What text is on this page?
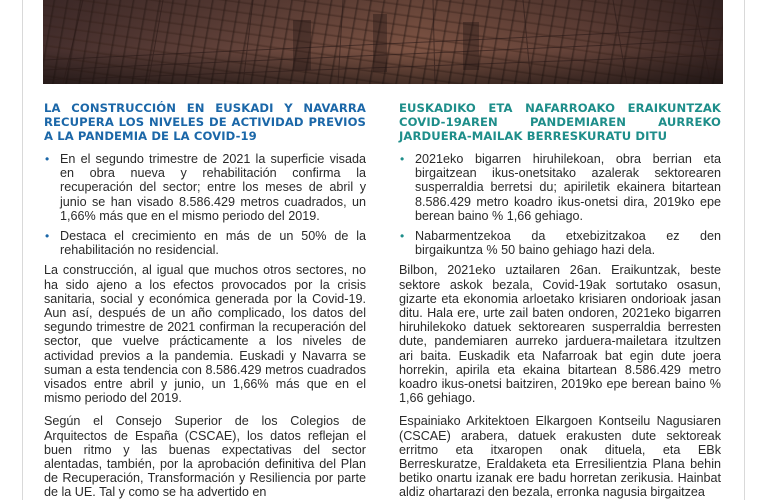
LA CONSTRUCCIÓN EN EUSKADI Y NAVARRA RECUPERA LOS NIVELES DE ACTIVIDAD PREVIOS A LA PANDEMIA DE LA COVID-19
• En el segundo trimestre de 2021 la superficie visada en obra nueva y rehabilitación confirma la recuperación del sector; entre los meses de abril y junio se han visado 8.586.429 metros cuadrados, un 1,66% más que en el mismo periodo del 2019.
• Destaca el crecimiento en más de un 50% de la rehabilitación no residencial.

La construcción, al igual que muchos otros sectores, no ha sido ajeno a los efectos provocados por la crisis sanitaria, social y económica generada por la Covid-19. Aun así, después de un año complicado, los datos del segundo trimestre de 2021 confirman la recuperación del sector, que vuelve prácticamente a los niveles de actividad previos a la pandemia. Euskadi y Navarra se suman a esta tendencia con 8.586.429 metros cuadrados visados entre abril y junio, un 1,66% más que en el mismo periodo del 2019.

Según el Consejo Superior de los Colegios de Arquitectos de España (CSCAE), los datos reflejan el buen ritmo y las buenas expectativas del sector alentadas, también, por la aprobación definitiva del Plan de Recuperación, Transformación y Resiliencia por parte de la UE. Tal y como se ha advertido en

EUSKADIKO ETA NAFARROAKO ERAIKUNTZAK COVID-19AREN PANDEMIAREN AURREKO JARDUERA-MAILAK BERRESKURATU DITU
• 2021eko bigarren hiruhilekoan, obra berrian eta birgaitzean ikus-onetsitako azalerak sektorearen susperraldia berretsi du; apiriletik ekainera bitartean 8.586.429 metro koadro ikus-onetsi dira, 2019ko epe berean baino % 1,66 gehiago.
• Nabarmentzekoa da etxebizitzakoa ez den birgaikuntza % 50 baino gehiago hazi dela.

Bilbon, 2021eko uztailaren 26an. Eraikuntzak, beste sektore askok bezala, Covid-19ak sortutako osasun, gizarte eta ekonomia arloetako krisiaren ondorioak jasan ditu. Hala ere, urte zail baten ondoren, 2021eko bigarren hiruhilekoko datuek sektorearen susperraldia berresten dute, pandemiaren aurreko jarduera-mailetara itzultzen ari baita. Euskadik eta Nafarroak bat egin dute joera horrekin, apirila eta ekaina bitartean 8.586.429 metro koadro ikus-onetsi baitziren, 2019ko epe berean baino % 1,66 gehiago.

Espainiako Arkitektoen Elkargoen Kontseilu Nagusiaren (CSCAE) arabera, datuek erakusten dute sektoreak erritmo eta itxaropen onak dituela, eta EBk Berreskuratze, Eraldaketa eta Erresilientzia Plana behin betiko onartu izanak ere badu horretan zerikusia. Hainbat aldiz ohartarazi den bezala, erronka nagusia birgaitzea
